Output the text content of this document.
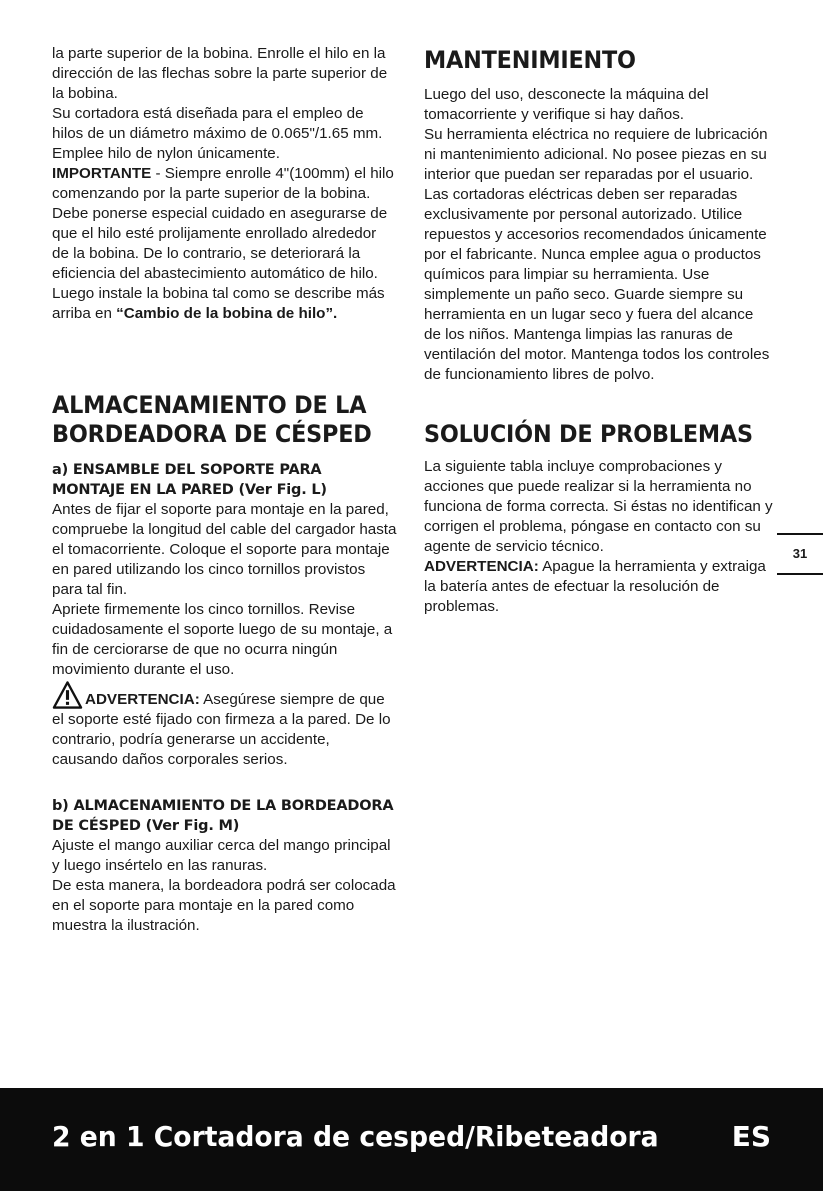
la parte superior de la bobina. Enrolle el hilo en la dirección de las flechas sobre la parte superior de la bobina.

Su cortadora está diseñada para el empleo de hilos de un diámetro máximo de 0.065"/1.65 mm. Emplee hilo de nylon únicamente.

IMPORTANTE - Siempre enrolle 4"(100mm) el hilo comenzando por la parte superior de la bobina.

Debe ponerse especial cuidado en asegurarse de que el hilo esté prolijamente enrollado alrededor de la bobina. De lo contrario, se deteriorará la eficiencia del abastecimiento automático de hilo.

Luego instale la bobina tal como se describe más arriba en “Cambio de la bobina de hilo”.

ALMACENAMIENTO DE LA
BORDEADORA DE CÉSPED
a) ENSAMBLE DEL SOPORTE PARA MONTAJE EN LA PARED (Ver Fig. L)

Antes de fijar el soporte para montaje en la pared, compruebe la longitud del cable del cargador hasta el tomacorriente. Coloque el soporte para montaje en pared utilizando los cinco tornillos provistos para tal fin.

Apriete firmemente los cinco tornillos. Revise cuidadosamente el soporte luego de su montaje, a fin de cerciorarse de que no ocurra ningún movimiento durante el uso.

ADVERTENCIA: Asegúrese siempre de que el soporte esté fijado con firmeza a la pared. De lo contrario, podría generarse un accidente, causando daños corporales serios.

b) ALMACENAMIENTO DE LA BORDEADORA DE CÉSPED (Ver Fig. M)

Ajuste el mango auxiliar cerca del mango principal y luego insértelo en las ranuras.

De esta manera, la bordeadora podrá ser colocada en el soporte para montaje en la pared como muestra la ilustración.

MANTENIMIENTO

Luego del uso, desconecte la máquina del tomacorriente y verifique si hay daños.

Su herramienta eléctrica no requiere de lubricación ni mantenimiento adicional. No posee piezas en su interior que puedan ser reparadas por el usuario. Las cortadoras eléctricas deben ser reparadas exclusivamente por personal autorizado. Utilice repuestos y accesorios recomendados únicamente por el fabricante. Nunca emplee agua o productos químicos para limpiar su herramienta. Use simplemente un paño seco. Guarde siempre su herramienta en un lugar seco y fuera del alcance de los niños. Mantenga limpias las ranuras de ventilación del motor. Mantenga todos los controles de funcionamiento libres de polvo.

SOLUCIÓN DE PROBLEMAS

La siguiente tabla incluye comprobaciones y acciones que puede realizar si la herramienta no funciona de forma correcta. Si éstas no identifican y corrigen el problema, póngase en contacto con su agente de servicio técnico.

ADVERTENCIA: Apague la herramienta y extraiga la batería antes de efectuar la resolución de problemas.

31
2 en 1 Cortadora de cesped/Ribeteadora	ES
